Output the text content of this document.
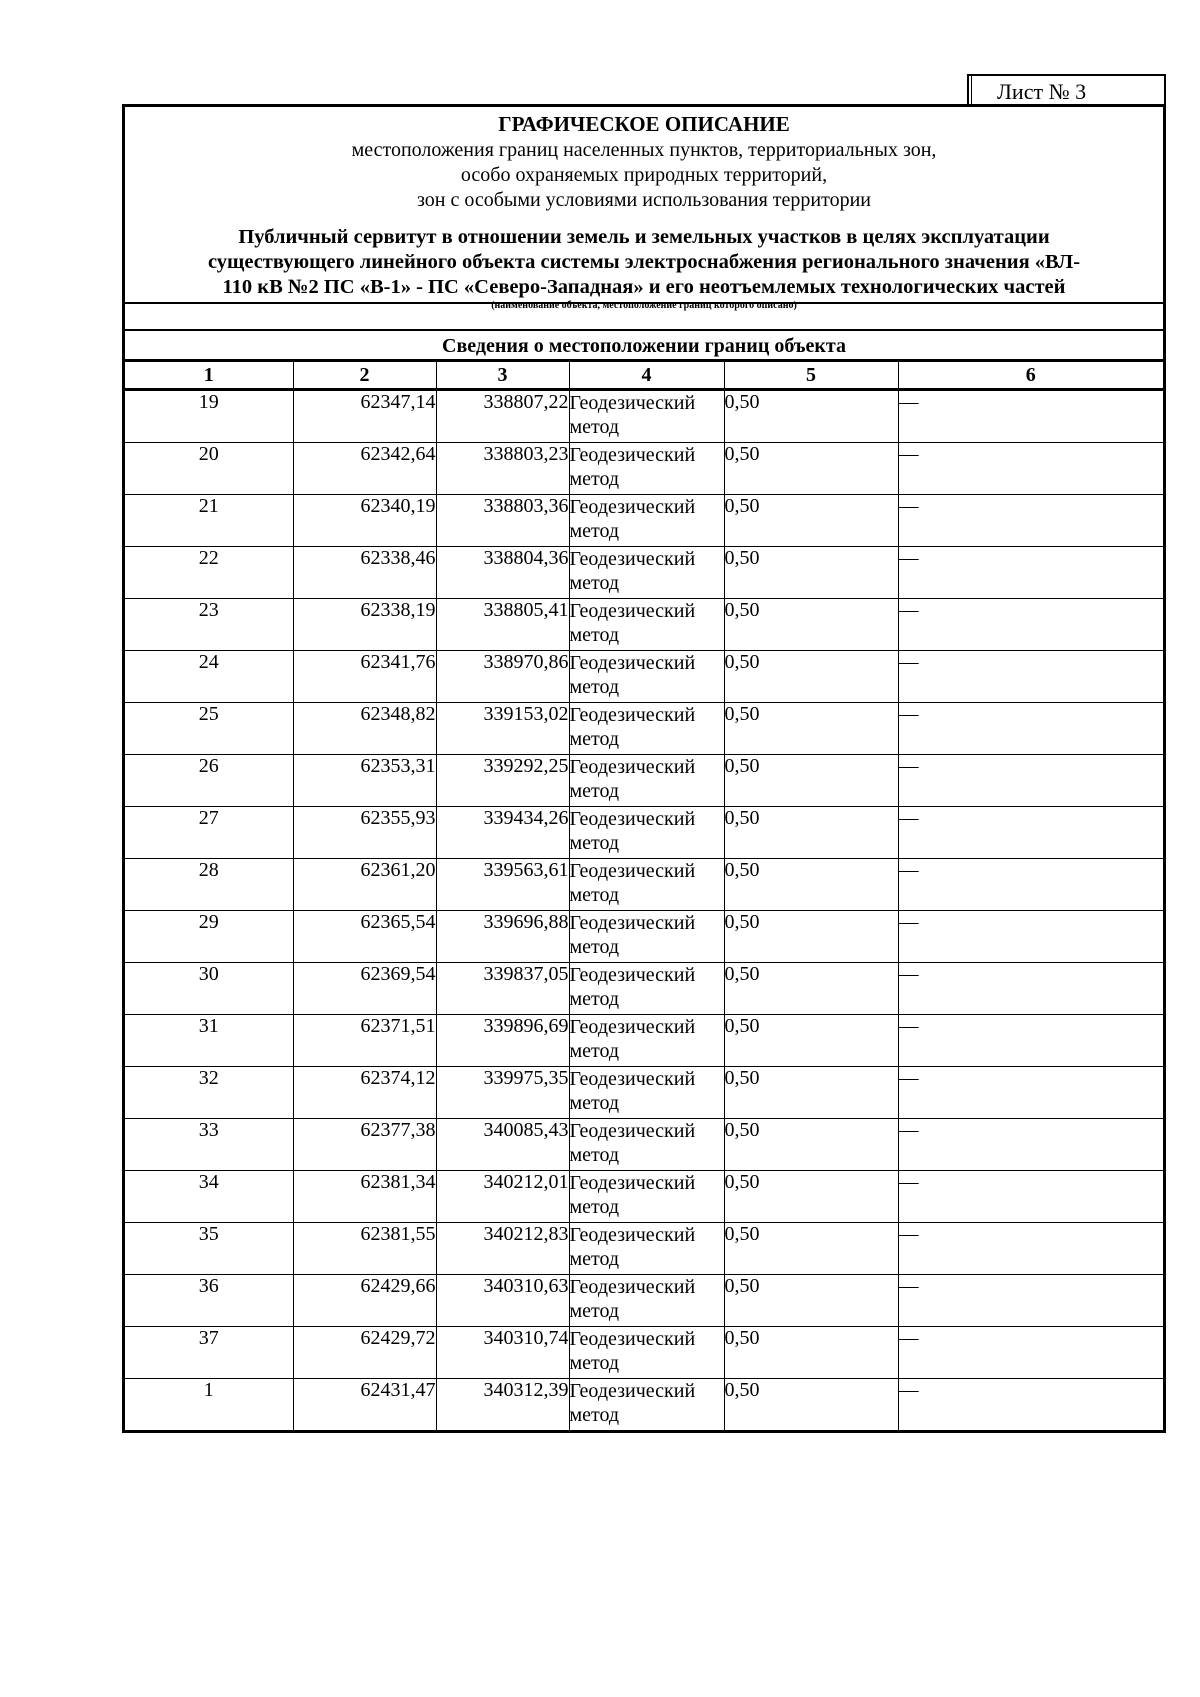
Лист № 3
ГРАФИЧЕСКОЕ ОПИСАНИЕ
местоположения границ населенных пунктов, территориальных зон,
особо охраняемых природных территорий,
зон с особыми условиями использования территории
Публичный сервитут в отношении земель и земельных участков в целях эксплуатации
существующего линейного объекта системы электроснабжения регионального значения «ВЛ-
110 кВ №2 ПС «В-1» - ПС «Северо-Западная» и его неотъемлемых технологических частей
(наименование объекта, местоположение границ которого описано)
Сведения о местоположении границ объекта
1	2	3	4	5	6
19	62347,14	338807,22	Геодезический метод	0,50	—
20	62342,64	338803,23	Геодезический метод	0,50	—
21	62340,19	338803,36	Геодезический метод	0,50	—
22	62338,46	338804,36	Геодезический метод	0,50	—
23	62338,19	338805,41	Геодезический метод	0,50	—
24	62341,76	338970,86	Геодезический метод	0,50	—
25	62348,82	339153,02	Геодезический метод	0,50	—
26	62353,31	339292,25	Геодезический метод	0,50	—
27	62355,93	339434,26	Геодезический метод	0,50	—
28	62361,20	339563,61	Геодезический метод	0,50	—
29	62365,54	339696,88	Геодезический метод	0,50	—
30	62369,54	339837,05	Геодезический метод	0,50	—
31	62371,51	339896,69	Геодезический метод	0,50	—
32	62374,12	339975,35	Геодезический метод	0,50	—
33	62377,38	340085,43	Геодезический метод	0,50	—
34	62381,34	340212,01	Геодезический метод	0,50	—
35	62381,55	340212,83	Геодезический метод	0,50	—
36	62429,66	340310,63	Геодезический метод	0,50	—
37	62429,72	340310,74	Геодезический метод	0,50	—
1	62431,47	340312,39	Геодезический метод	0,50	—
